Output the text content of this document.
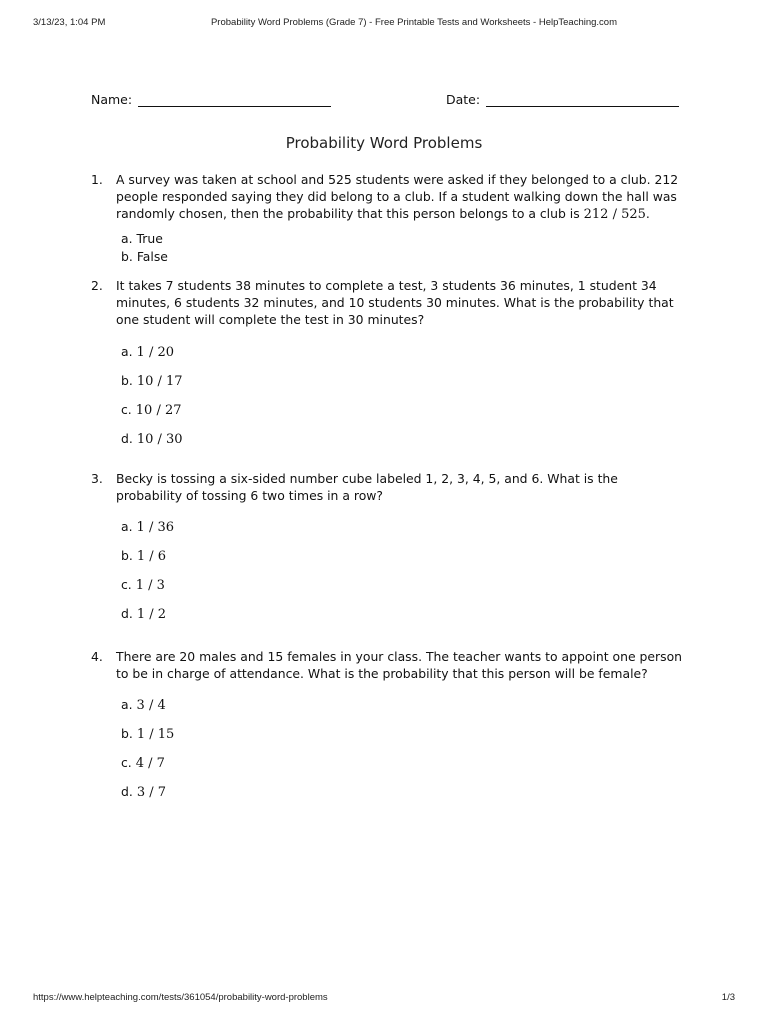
3/13/23, 1:04 PM	Probability Word Problems (Grade 7) - Free Printable Tests and Worksheets - HelpTeaching.com
Name:	Date:
Probability Word Problems
1. A survey was taken at school and 525 students were asked if they belonged to a club. 212 people responded saying they did belong to a club. If a student walking down the hall was randomly chosen, then the probability that this person belongs to a club is 212 / 525.
a. True
b. False
2. It takes 7 students 38 minutes to complete a test, 3 students 36 minutes, 1 student 34 minutes, 6 students 32 minutes, and 10 students 30 minutes. What is the probability that one student will complete the test in 30 minutes?
a. 1 / 20
b. 10 / 17
c. 10 / 27
d. 10 / 30
3. Becky is tossing a six-sided number cube labeled 1, 2, 3, 4, 5, and 6. What is the probability of tossing 6 two times in a row?
a. 1 / 36
b. 1 / 6
c. 1 / 3
d. 1 / 2
4. There are 20 males and 15 females in your class. The teacher wants to appoint one person to be in charge of attendance. What is the probability that this person will be female?
a. 3 / 4
b. 1 / 15
c. 4 / 7
d. 3 / 7
https://www.helpteaching.com/tests/361054/probability-word-problems	1/3
